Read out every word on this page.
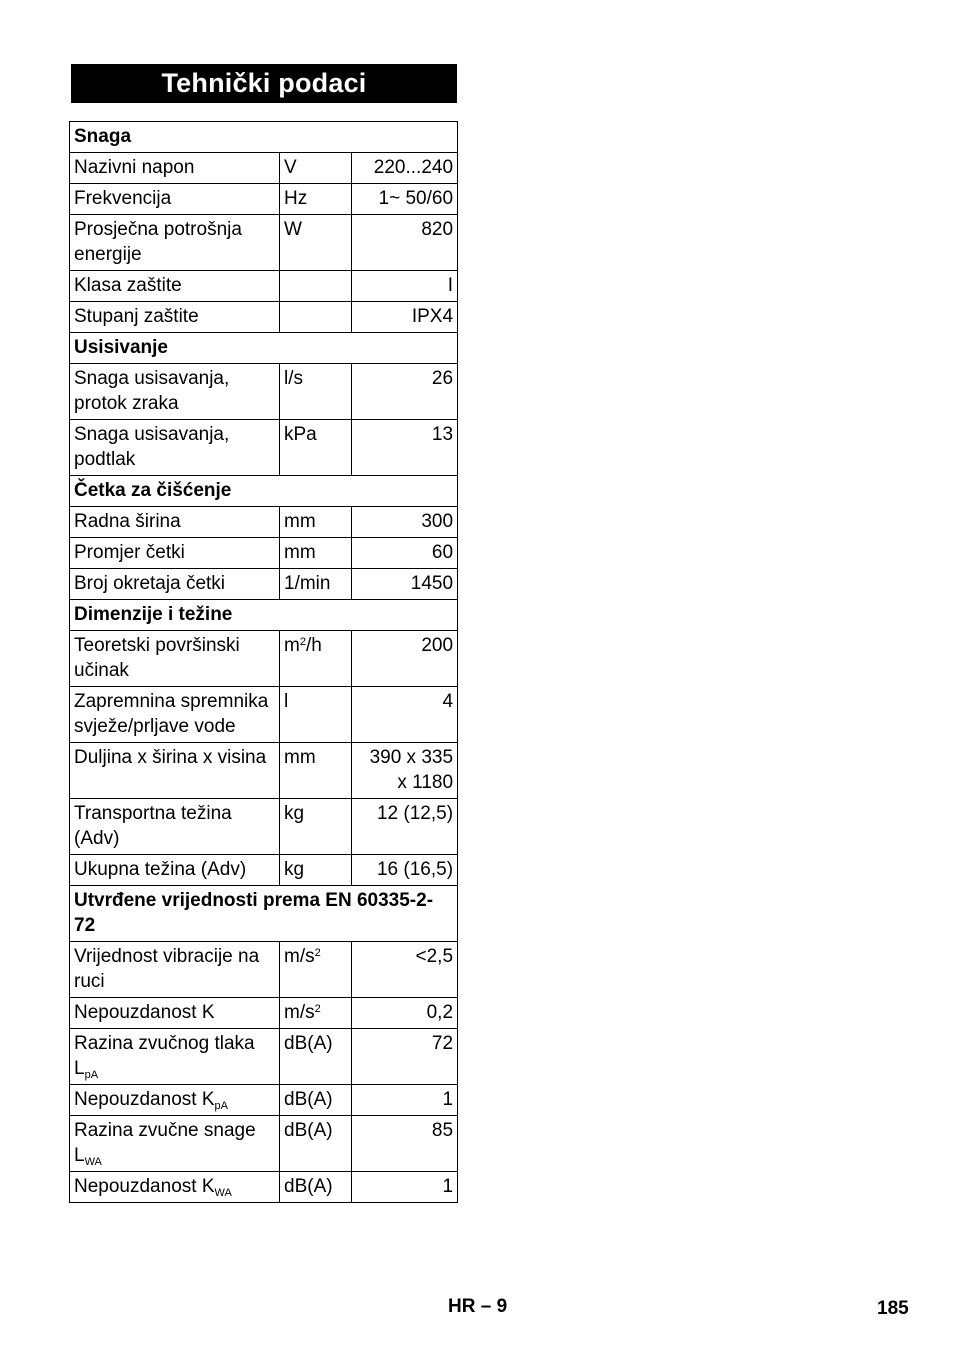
Tehnički podaci
Snaga		
Nazivni napon	V	220...240
Frekvencija	Hz	1~ 50/60
Prosječna potrošnja energije	W	820
Klasa zaštite		I
Stupanj zaštite		IPX4
Usisivanje		
Snaga usisavanja, protok zraka	l/s	26
Snaga usisavanja, podtlak	kPa	13
Četka za čišćenje		
Radna širina	mm	300
Promjer četki	mm	60
Broj okretaja četki	1/min	1450
Dimenzije i težine		
Teoretski površinski učinak	$m^2/h$	200
Zapremnina spremnika svježe/prljave vode	l	4
Duljina x širina x visina	mm	390 x 335 x 1180
Transportna težina (Adv)	kg	12 (12,5)
Ukupna težina (Adv)	kg	16 (16,5)
Utvrđene vrijednosti prema EN 60335-2-72		
Vrijednost vibracije na ruci	$m/s^2$	<2,5
Nepouzdanost K	$m/s^2$	0,2
Razina zvučnog tlaka $L_{pA}$	dB(A)	72
Nepouzdanost $K_{pA}$	dB(A)	1
Razina zvučne snage $L_{WA}$	dB(A)	85
Nepouzdanost $K_{WA}$	dB(A)	1
HR – 9	185
